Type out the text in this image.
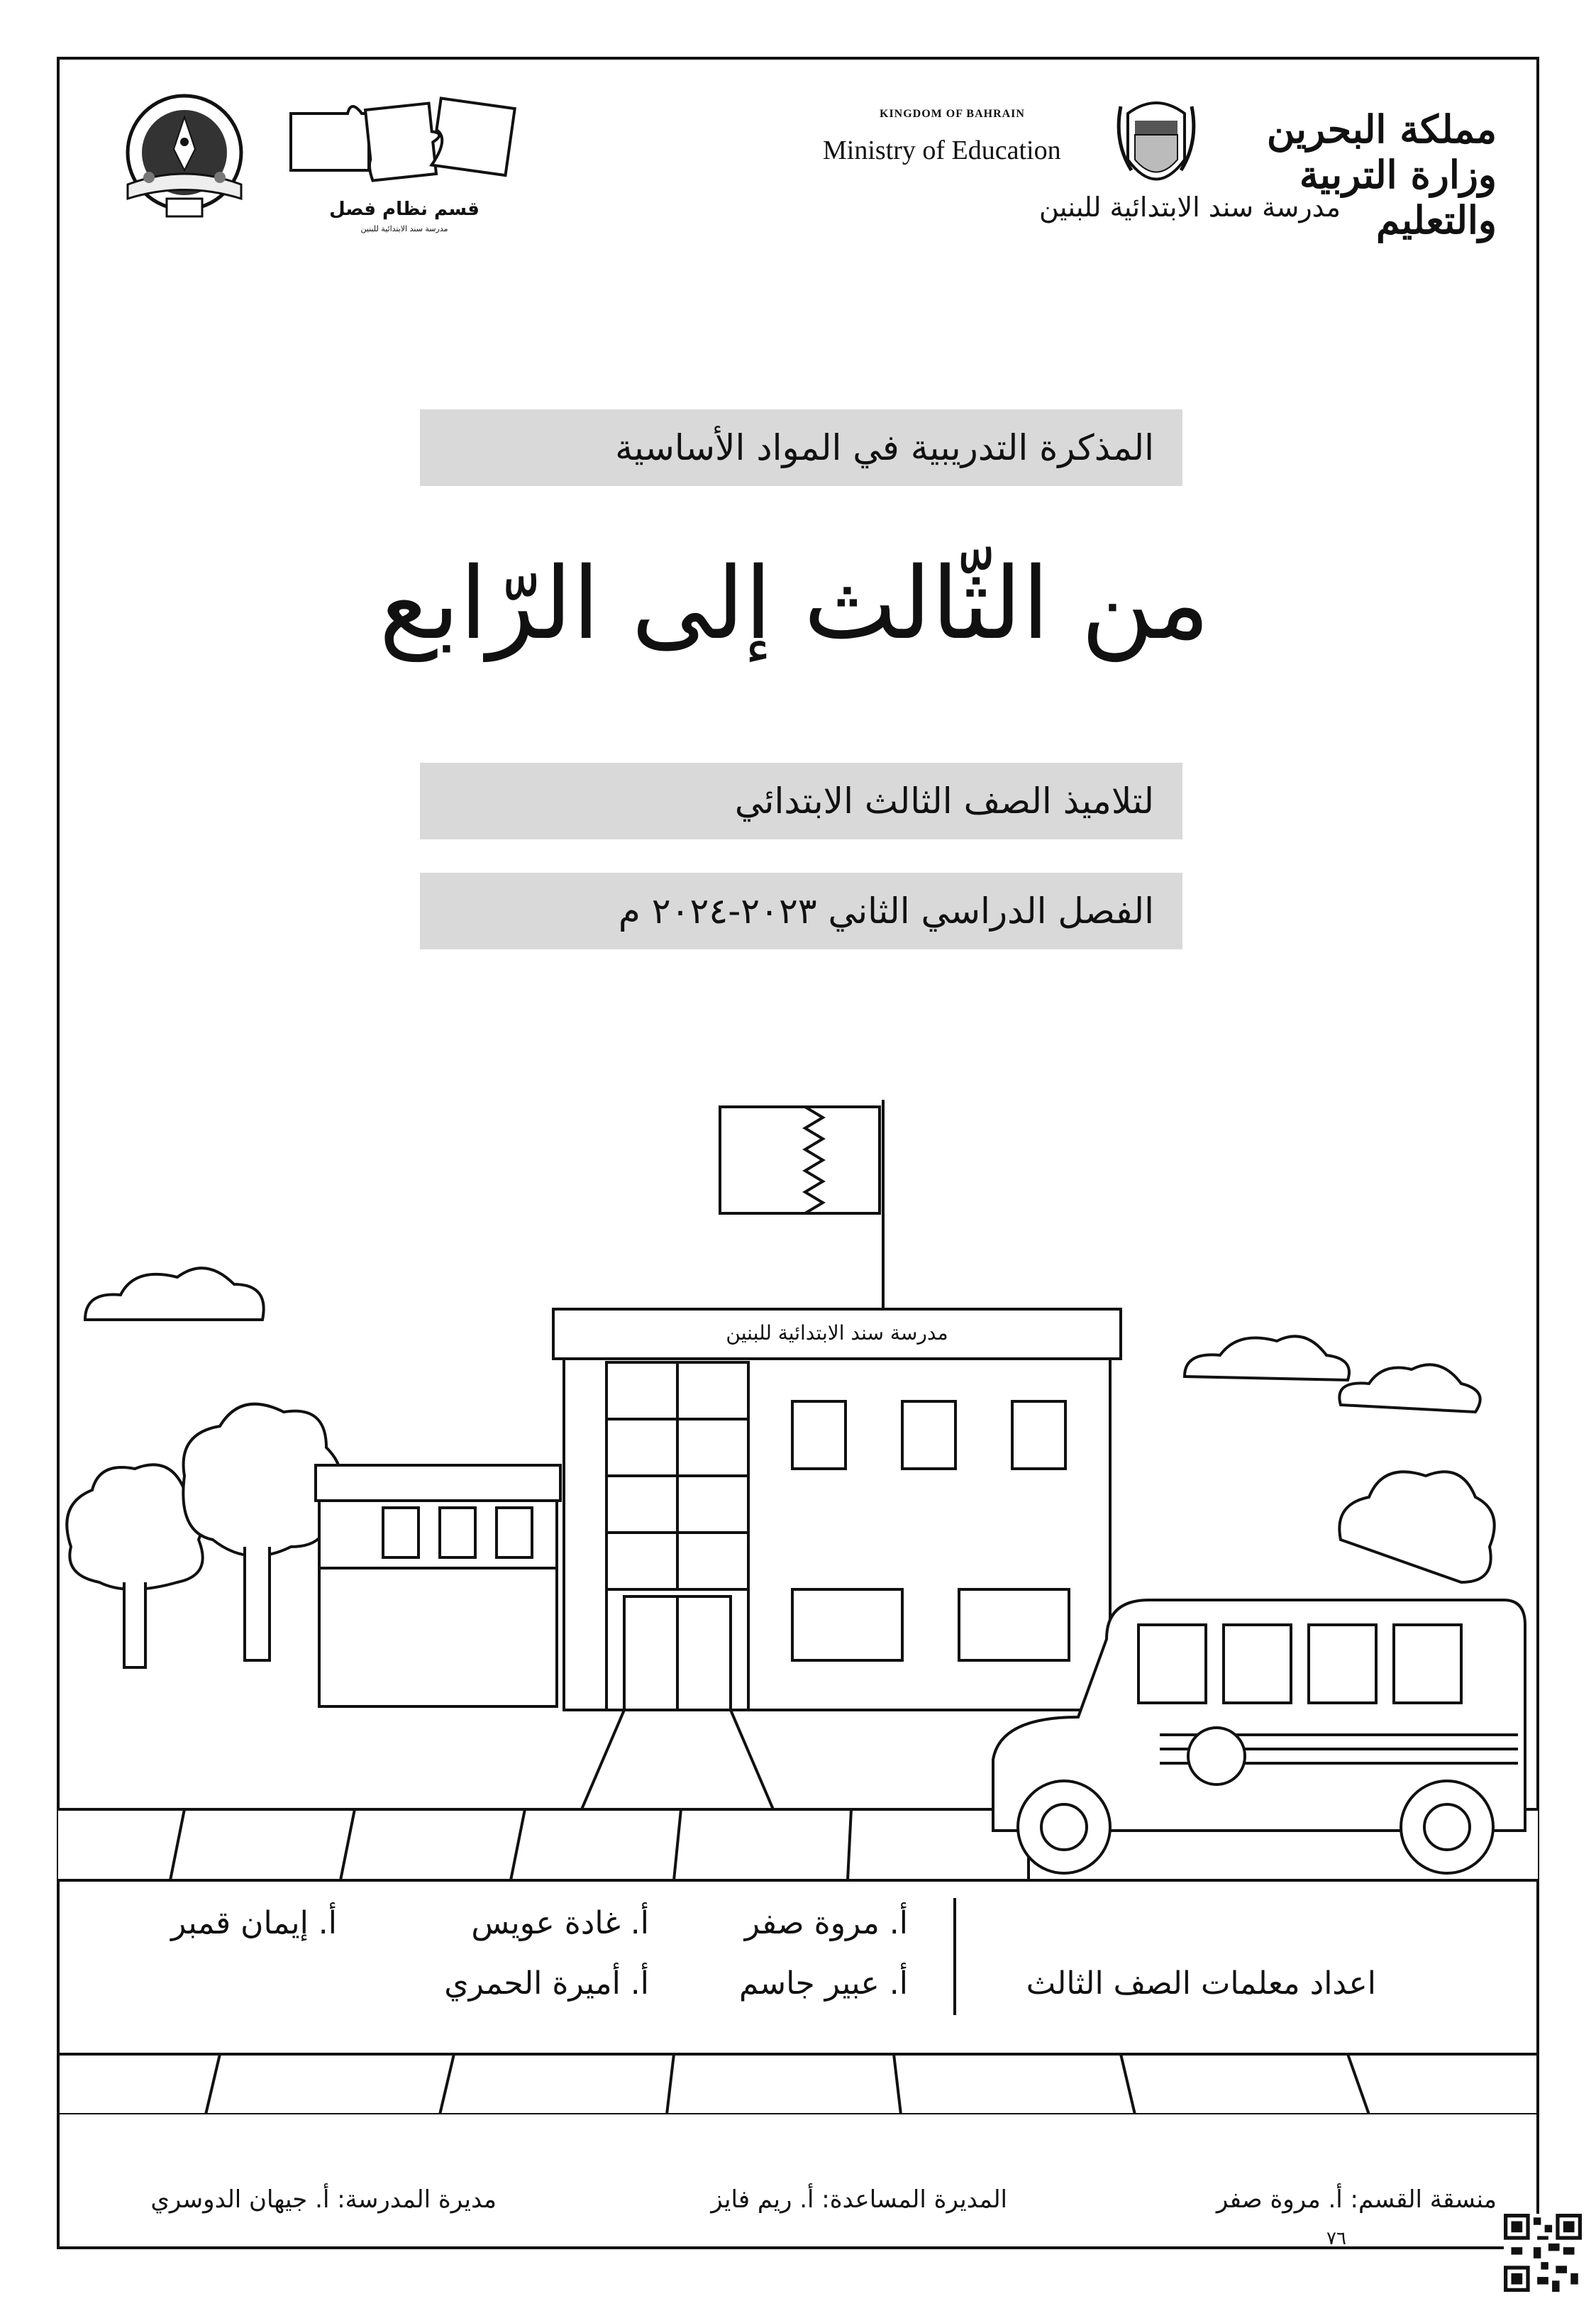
KINGDOM OF BAHRAIN
Ministry of Education	مملكة البحرين وزارة التربية والتعليم
مدرسة سند الابتدائية للبنين
قسم نظام فصل
مدرسة سند الابتدائية للبنين
المذكرة التدريبية في المواد الأساسية
من الثّالث إلى الرّابع
لتلاميذ الصف الثالث الابتدائي
الفصل الدراسي الثاني ٢٠٢٣-٢٠٢٤ م
مدرسة سند الابتدائية للبنين
اعداد معلمات الصف الثالث
أ. مروة صفر
أ. غادة عويس
أ. إيمان قمبر
أ. عبير جاسم
أ. أميرة الحمري
منسقة القسم: أ. مروة صفر
المديرة المساعدة: أ. ريم فايز
مديرة المدرسة: أ. جيهان الدوسري
٧٦
